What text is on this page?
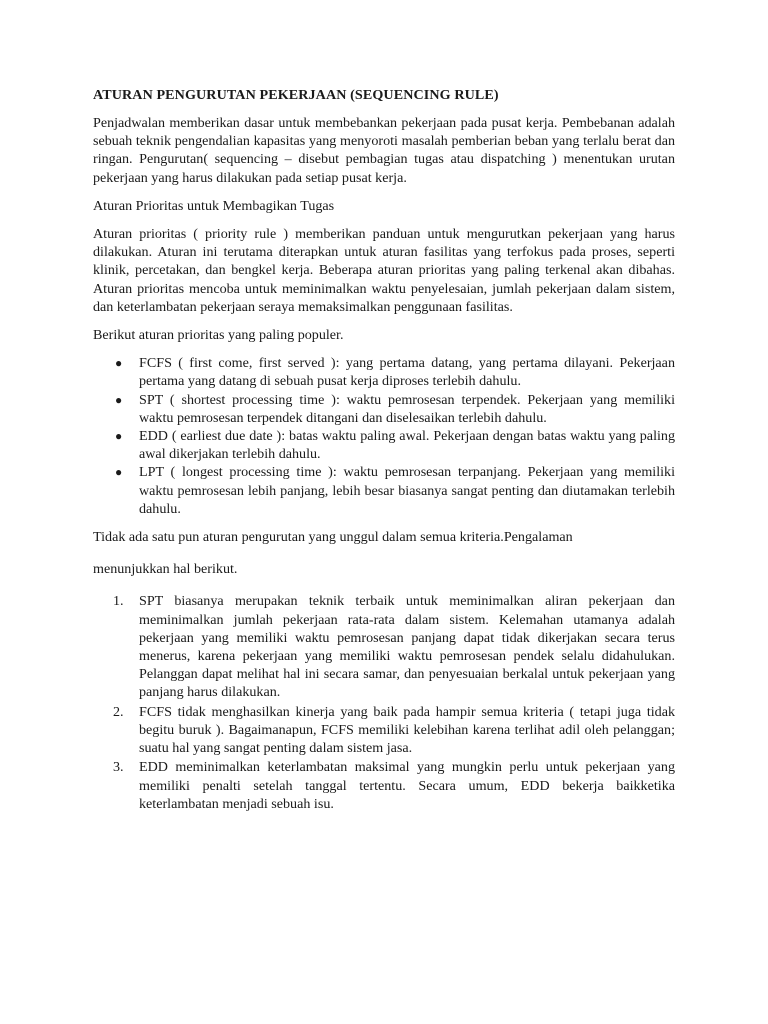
ATURAN PENGURUTAN PEKERJAAN (SEQUENCING RULE)

Penjadwalan memberikan dasar untuk membebankan pekerjaan pada pusat kerja. Pembebanan adalah sebuah teknik pengendalian kapasitas yang menyoroti masalah pemberian beban yang terlalu berat dan ringan. Pengurutan( sequencing – disebut pembagian tugas atau dispatching ) menentukan urutan pekerjaan yang harus dilakukan pada setiap pusat kerja.

Aturan Prioritas untuk Membagikan Tugas

Aturan prioritas ( priority rule ) memberikan panduan untuk mengurutkan pekerjaan yang harus dilakukan. Aturan ini terutama diterapkan untuk aturan fasilitas yang terfokus pada proses, seperti klinik, percetakan, dan bengkel kerja. Beberapa aturan prioritas yang paling terkenal akan dibahas. Aturan prioritas mencoba untuk meminimalkan waktu penyelesaian, jumlah pekerjaan dalam sistem, dan keterlambatan pekerjaan seraya memaksimalkan penggunaan fasilitas.

Berikut aturan prioritas yang paling populer.

● FCFS ( first come, first served ): yang pertama datang, yang pertama dilayani. Pekerjaan pertama yang datang di sebuah pusat kerja diproses terlebih dahulu.
● SPT ( shortest processing time ): waktu pemrosesan terpendek. Pekerjaan yang memiliki waktu pemrosesan terpendek ditangani dan diselesaikan terlebih dahulu.
● EDD ( earliest due date ): batas waktu paling awal. Pekerjaan dengan batas waktu yang paling awal dikerjakan terlebih dahulu.
● LPT ( longest processing time ): waktu pemrosesan terpanjang. Pekerjaan yang memiliki waktu pemrosesan lebih panjang, lebih besar biasanya sangat penting dan diutamakan terlebih dahulu.

Tidak ada satu pun aturan pengurutan yang unggul dalam semua kriteria.Pengalaman

menunjukkan hal berikut.

1. SPT biasanya merupakan teknik terbaik untuk meminimalkan aliran pekerjaan dan meminimalkan jumlah pekerjaan rata-rata dalam sistem. Kelemahan utamanya adalah pekerjaan yang memiliki waktu pemrosesan panjang dapat tidak dikerjakan secara terus menerus, karena pekerjaan yang memiliki waktu pemrosesan pendek selalu didahulukan. Pelanggan dapat melihat hal ini secara samar, dan penyesuaian berkalal untuk pekerjaan yang panjang harus dilakukan.
2. FCFS tidak menghasilkan kinerja yang baik pada hampir semua kriteria ( tetapi juga tidak begitu buruk ). Bagaimanapun, FCFS memiliki kelebihan karena terlihat adil oleh pelanggan; suatu hal yang sangat penting dalam sistem jasa.
3. EDD meminimalkan keterlambatan maksimal yang mungkin perlu untuk pekerjaan yang memiliki penalti setelah tanggal tertentu. Secara umum, EDD bekerja baikketika keterlambatan menjadi sebuah isu.
